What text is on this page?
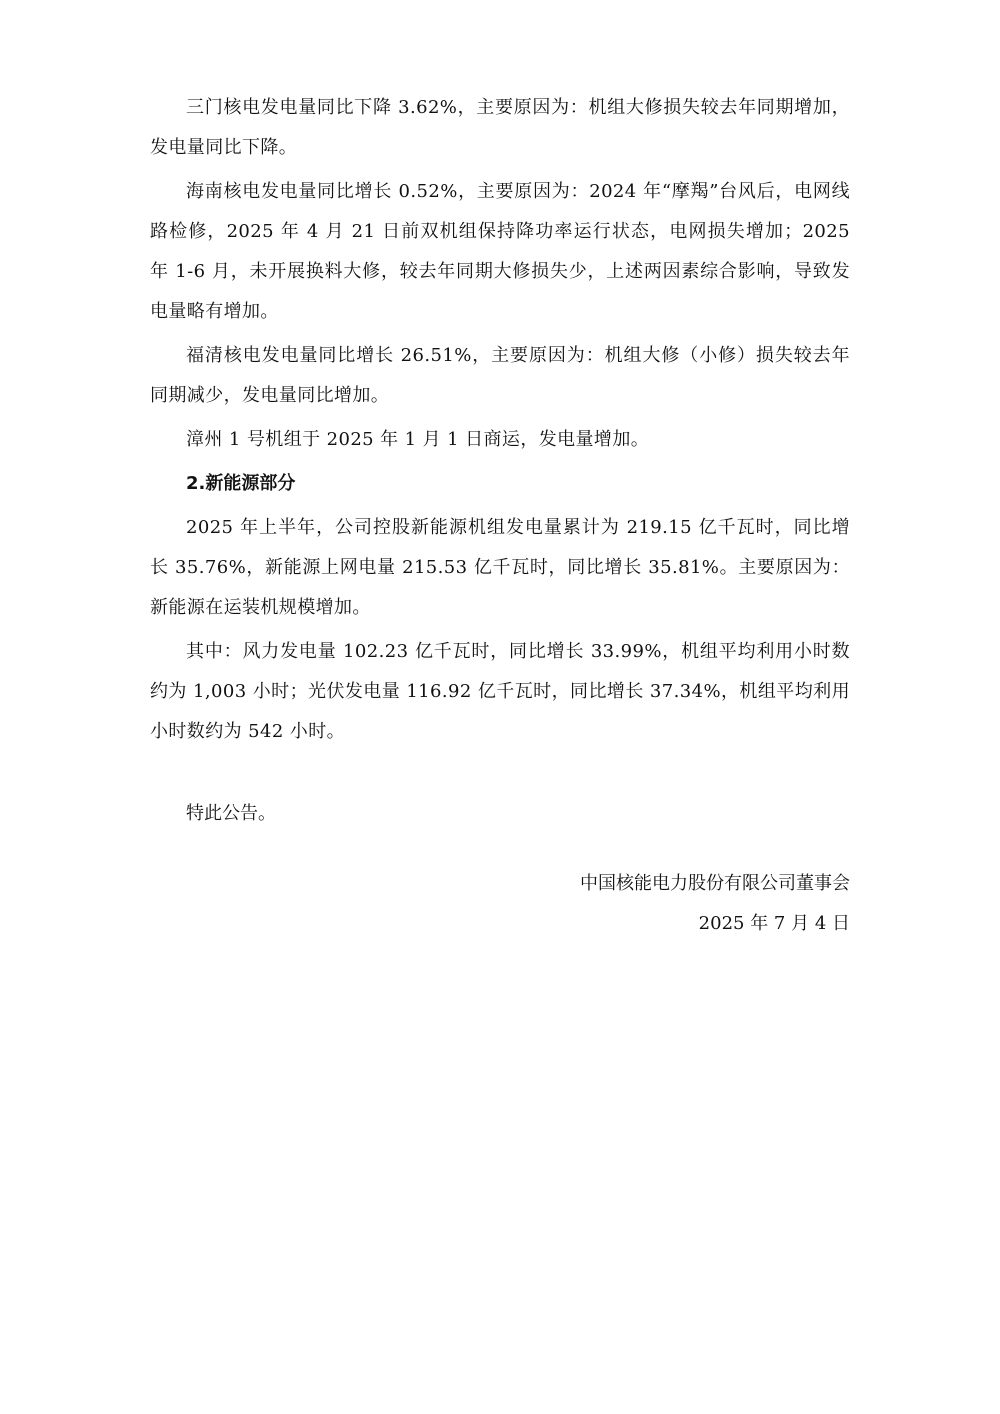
三门核电发电量同比下降 3.62%，主要原因为：机组大修损失较去年同期增加，发电量同比下降。

海南核电发电量同比增长 0.52%，主要原因为：2024 年“摩羯”台风后，电网线路检修，2025 年 4 月 21 日前双机组保持降功率运行状态，电网损失增加；2025 年 1-6 月，未开展换料大修，较去年同期大修损失少，上述两因素综合影响，导致发电量略有增加。

福清核电发电量同比增长 26.51%，主要原因为：机组大修（小修）损失较去年同期减少，发电量同比增加。

漳州 1 号机组于 2025 年 1 月 1 日商运，发电量增加。

2.新能源部分

2025 年上半年，公司控股新能源机组发电量累计为 219.15 亿千瓦时，同比增长 35.76%，新能源上网电量 215.53 亿千瓦时，同比增长 35.81%。主要原因为：新能源在运装机规模增加。

其中：风力发电量 102.23 亿千瓦时，同比增长 33.99%，机组平均利用小时数约为 1,003 小时；光伏发电量 116.92 亿千瓦时，同比增长 37.34%，机组平均利用小时数约为 542 小时。

特此公告。

中国核能电力股份有限公司董事会
2025 年 7 月 4 日
